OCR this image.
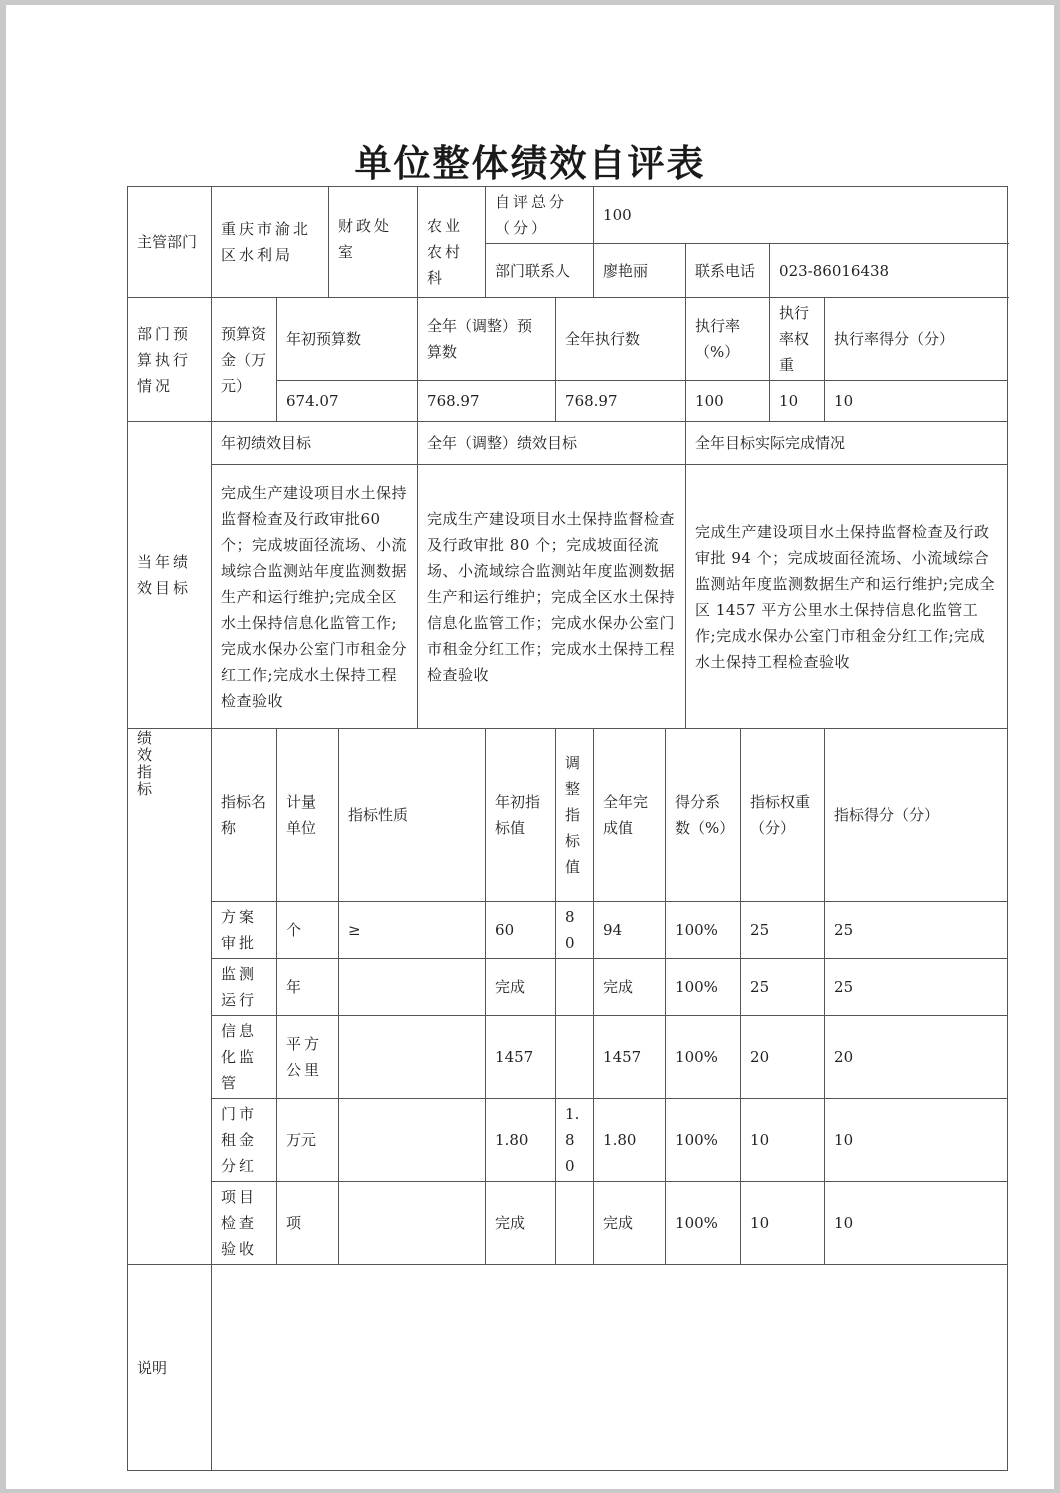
单位整体绩效自评表
主管部门	重庆市渝北区水利局		财政处室		农业农村科	自评总分（分）		100						
						部门联系人		廖艳丽		联系电话		023-86016438		
部门预算执行情况	预算资金（万元）	年初预算数			全年（调整）预算数		全年执行数			执行率（%）		执行率权重	执行率得分（分）	
		674.07			768.97		768.97			100		10	10	
当年绩效目标	年初绩效目标				全年（调整）绩效目标					全年目标实际完成情况				
	完成生产建设项目水土保持监督检查及行政审批60个；完成坡面径流场、小流域综合监测站年度监测数据生产和运行维护;完成全区水土保持信息化监管工作;完成水保办公室门市租金分红工作;完成水土保持工程检查验收				完成生产建设项目水土保持监督检查及行政审批 80 个；完成坡面径流场、小流域综合监测站年度监测数据生产和运行维护；完成全区水土保持信息化监管工作；完成水保办公室门市租金分红工作；完成水土保持工程检查验收					完成生产建设项目水土保持监督检查及行政审批 94 个；完成坡面径流场、小流域综合监测站年度监测数据生产和运行维护;完成全区 1457 平方公里水土保持信息化监管工作;完成水保办公室门市租金分红工作;完成水土保持工程检查验收				
绩效指标	指标名称	计量单位		指标性质		年初指标值	调整指标值	全年完成值	得分系数（%）		指标权重（分）		指标得分（分）	
	方案审批	个		≥		60	80	94	100%		25		25	
	监测运行	年				完成		完成	100%		25		25	
	信息化监管	平方公里				1457		1457	100%		20		20	
	门市租金分红	万元				1.80	1.80	1.80	100%		10		10	
	项目检查验收	项				完成		完成	100%		10		10	
说明														
